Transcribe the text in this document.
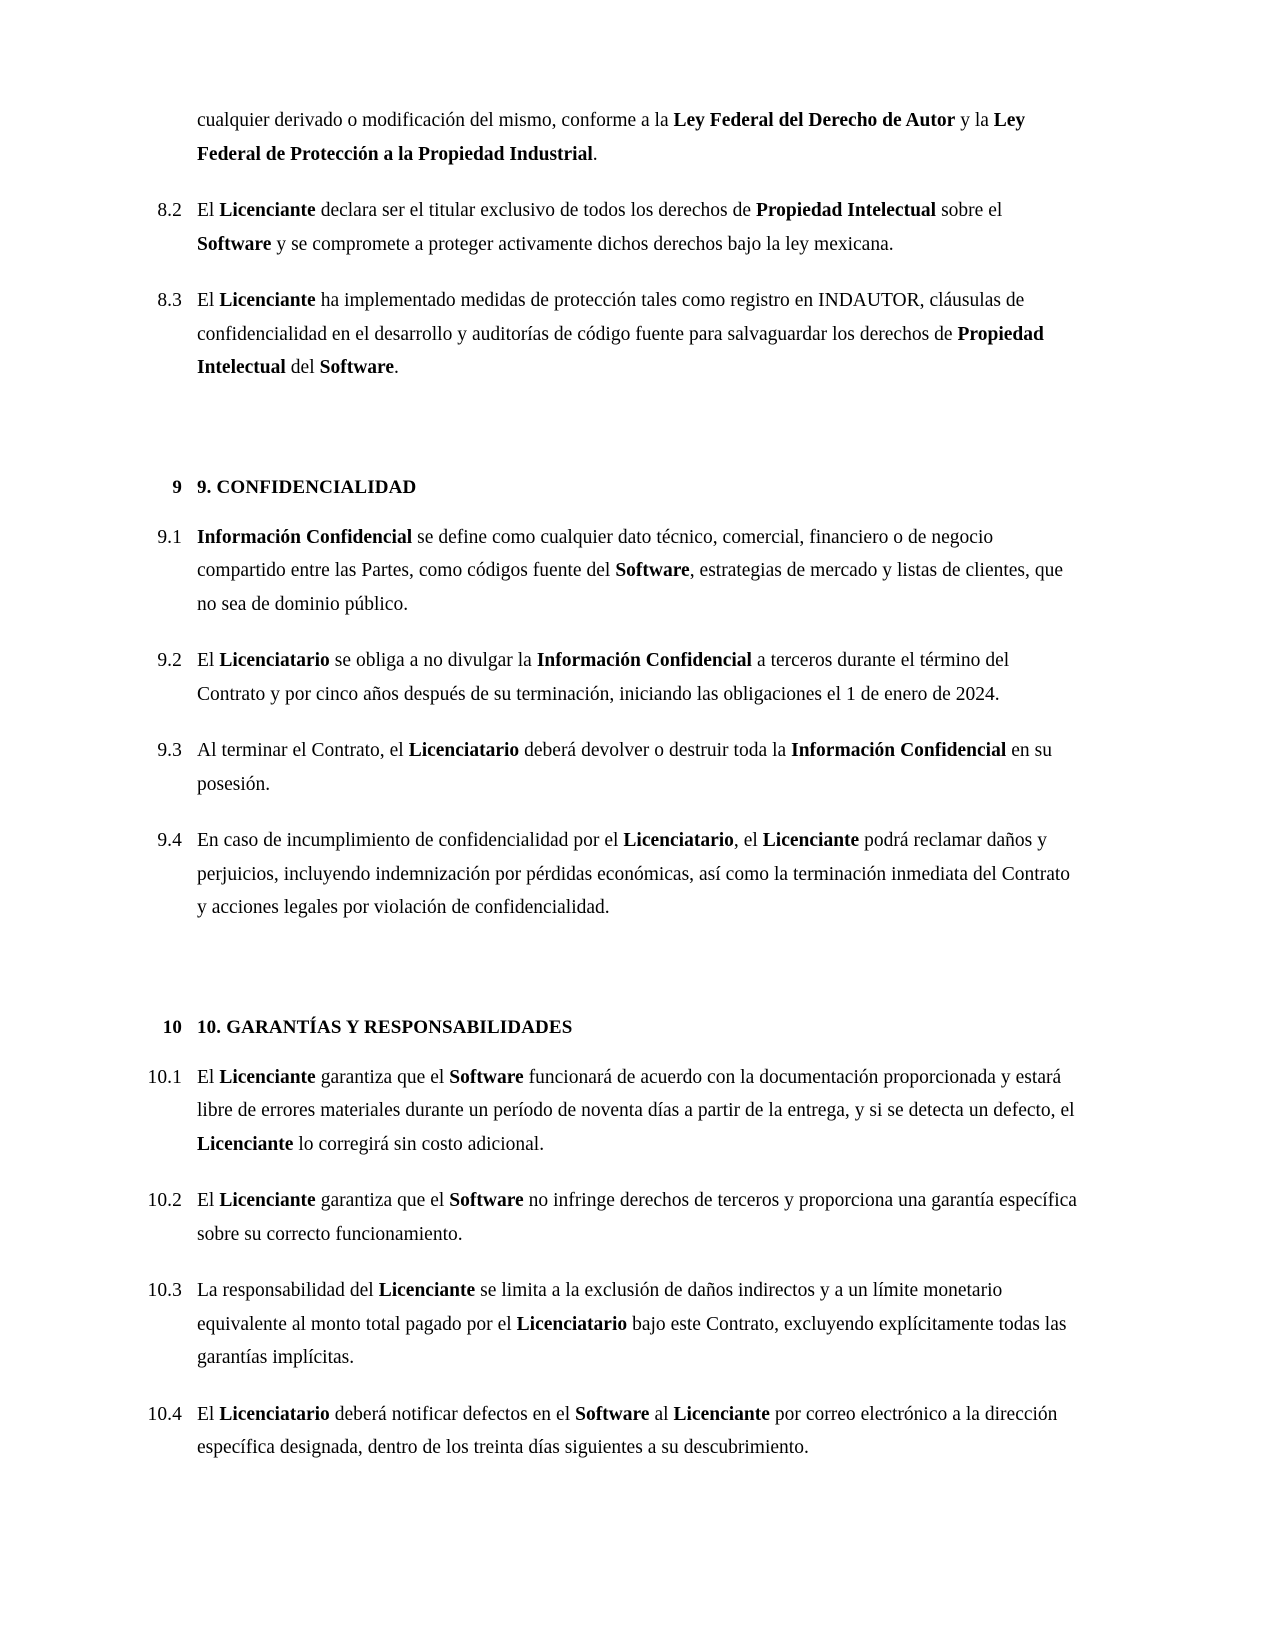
cualquier derivado o modificación del mismo, conforme a la Ley Federal del Derecho de Autor y la Ley Federal de Protección a la Propiedad Industrial.
8.2 El Licenciante declara ser el titular exclusivo de todos los derechos de Propiedad Intelectual sobre el Software y se compromete a proteger activamente dichos derechos bajo la ley mexicana.
8.3 El Licenciante ha implementado medidas de protección tales como registro en INDAUTOR, cláusulas de confidencialidad en el desarrollo y auditorías de código fuente para salvaguardar los derechos de Propiedad Intelectual del Software.
9 9. CONFIDENCIALIDAD
9.1 Información Confidencial se define como cualquier dato técnico, comercial, financiero o de negocio compartido entre las Partes, como códigos fuente del Software, estrategias de mercado y listas de clientes, que no sea de dominio público.
9.2 El Licenciatario se obliga a no divulgar la Información Confidencial a terceros durante el término del Contrato y por cinco años después de su terminación, iniciando las obligaciones el 1 de enero de 2024.
9.3 Al terminar el Contrato, el Licenciatario deberá devolver o destruir toda la Información Confidencial en su posesión.
9.4 En caso de incumplimiento de confidencialidad por el Licenciatario, el Licenciante podrá reclamar daños y perjuicios, incluyendo indemnización por pérdidas económicas, así como la terminación inmediata del Contrato y acciones legales por violación de confidencialidad.
10 10. GARANTÍAS Y RESPONSABILIDADES
10.1 El Licenciante garantiza que el Software funcionará de acuerdo con la documentación proporcionada y estará libre de errores materiales durante un período de noventa días a partir de la entrega, y si se detecta un defecto, el Licenciante lo corregirá sin costo adicional.
10.2 El Licenciante garantiza que el Software no infringe derechos de terceros y proporciona una garantía específica sobre su correcto funcionamiento.
10.3 La responsabilidad del Licenciante se limita a la exclusión de daños indirectos y a un límite monetario equivalente al monto total pagado por el Licenciatario bajo este Contrato, excluyendo explícitamente todas las garantías implícitas.
10.4 El Licenciatario deberá notificar defectos en el Software al Licenciante por correo electrónico a la dirección específica designada, dentro de los treinta días siguientes a su descubrimiento.
